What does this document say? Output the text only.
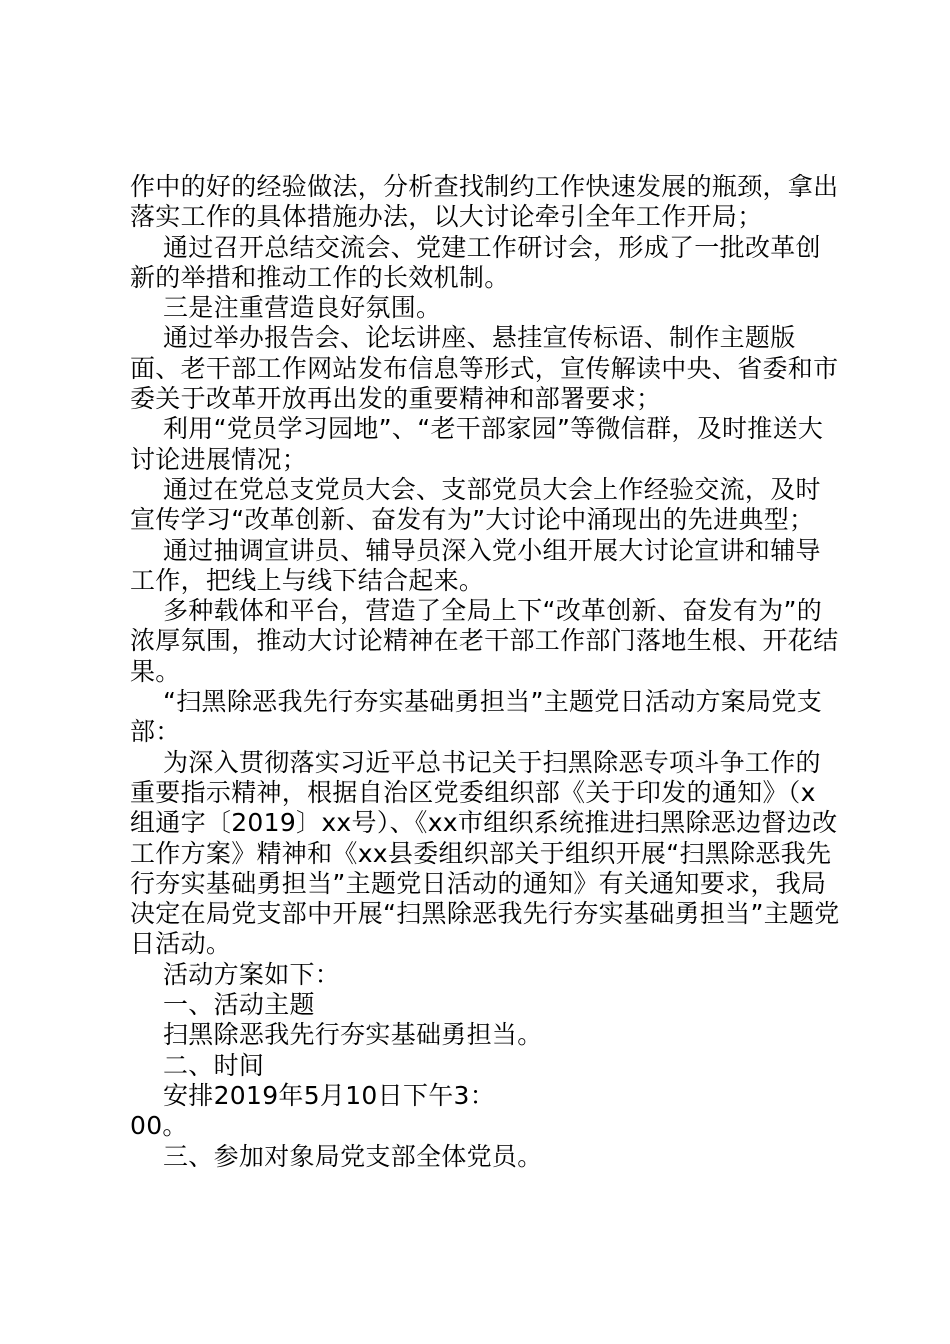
作中的好的经验做法，分析查找制约工作快速发展的瓶颈，拿出落实工作的具体措施办法，以大讨论牵引全年工作开局；

通过召开总结交流会、党建工作研讨会，形成了一批改革创新的举措和推动工作的长效机制。

三是注重营造良好氛围。

通过举办报告会、论坛讲座、悬挂宣传标语、制作主题版面、老干部工作网站发布信息等形式，宣传解读中央、省委和市委关于改革开放再出发的重要精神和部署要求；

利用“党员学习园地”、“老干部家园”等微信群，及时推送大讨论进展情况；

通过在党总支党员大会、支部党员大会上作经验交流，及时宣传学习“改革创新、奋发有为”大讨论中涌现出的先进典型；

通过抽调宣讲员、辅导员深入党小组开展大讨论宣讲和辅导工作，把线上与线下结合起来。

多种载体和平台，营造了全局上下“改革创新、奋发有为”的浓厚氛围，推动大讨论精神在老干部工作部门落地生根、开花结果。

“扫黑除恶我先行夯实基础勇担当”主题党日活动方案局党支部：

为深入贯彻落实习近平总书记关于扫黑除恶专项斗争工作的重要指示精神，根据自治区党委组织部《关于印发的通知》（x组通字〔2019〕xx号）、《xx市组织系统推进扫黑除恶边督边改工作方案》精神和《xx县委组织部关于组织开展“扫黑除恶我先行夯实基础勇担当”主题党日活动的通知》有关通知要求，我局决定在局党支部中开展“扫黑除恶我先行夯实基础勇担当”主题党日活动。

活动方案如下：

一、活动主题

扫黑除恶我先行夯实基础勇担当。

二、时间

安排2019年5月10日下午3：00。

三、参加对象局党支部全体党员。
